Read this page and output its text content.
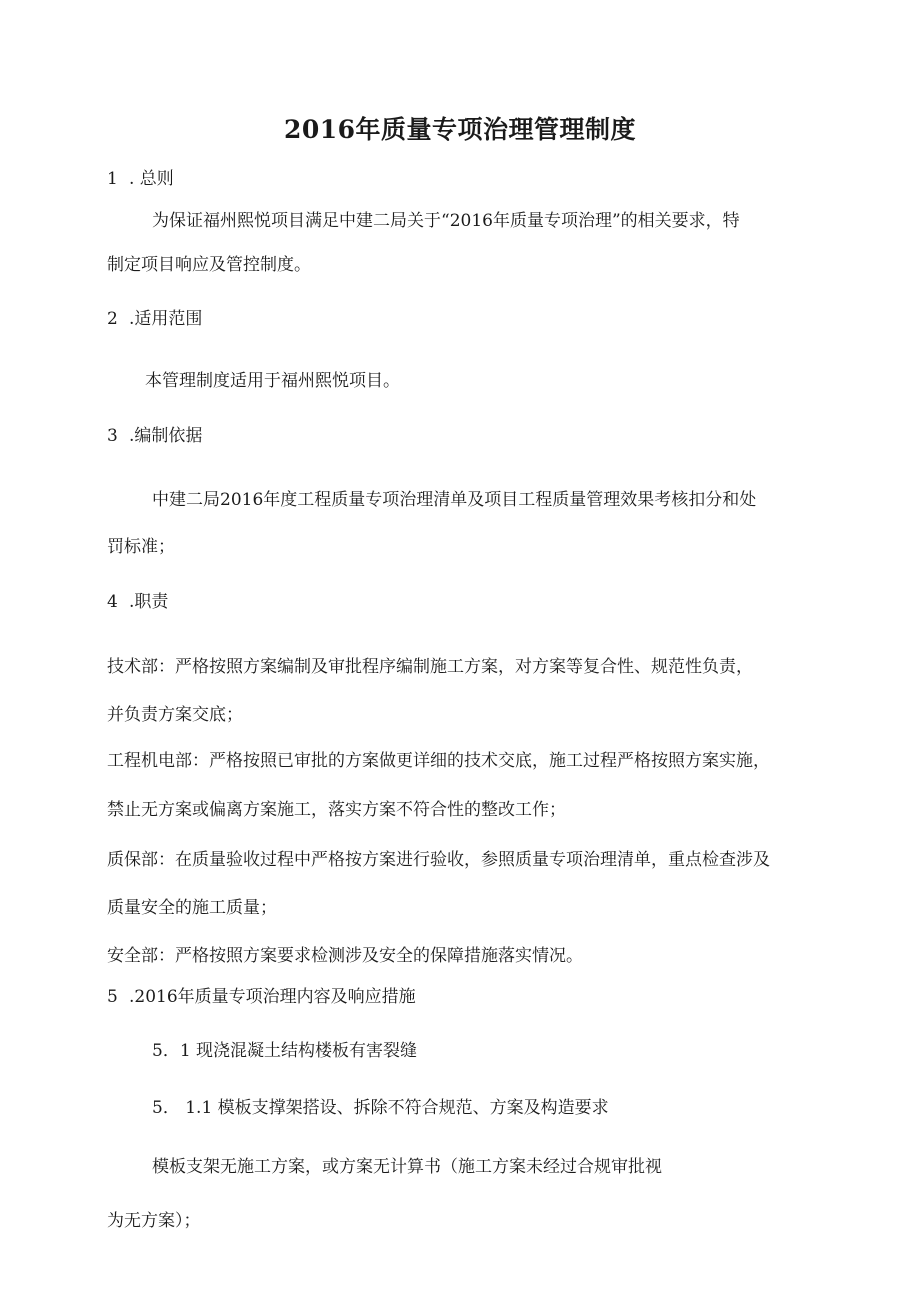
2016年质量专项治理管理制度
1 . 总则
为保证福州熙悦项目满足中建二局关于“2016年质量专项治理”的相关要求，特
制定项目响应及管控制度。
2 .适用范围
本管理制度适用于福州熙悦项目。
3 .编制依据
中建二局2016年度工程质量专项治理清单及项目工程质量管理效果考核扣分和处
罚标准；
4 .职责
技术部：严格按照方案编制及审批程序编制施工方案，对方案等复合性、规范性负责，
并负责方案交底；
工程机电部：严格按照已审批的方案做更详细的技术交底，施工过程严格按照方案实施，
禁止无方案或偏离方案施工，落实方案不符合性的整改工作；
质保部：在质量验收过程中严格按方案进行验收，参照质量专项治理清单，重点检查涉及
质量安全的施工质量；
安全部：严格按照方案要求检测涉及安全的保障措施落实情况。
5 .2016年质量专项治理内容及响应措施
5．1 现浇混凝土结构楼板有害裂缝
5． 1.1 模板支撑架搭设、拆除不符合规范、方案及构造要求
模板支架无施工方案，或方案无计算书（施工方案未经过合规审批视
为无方案）；
